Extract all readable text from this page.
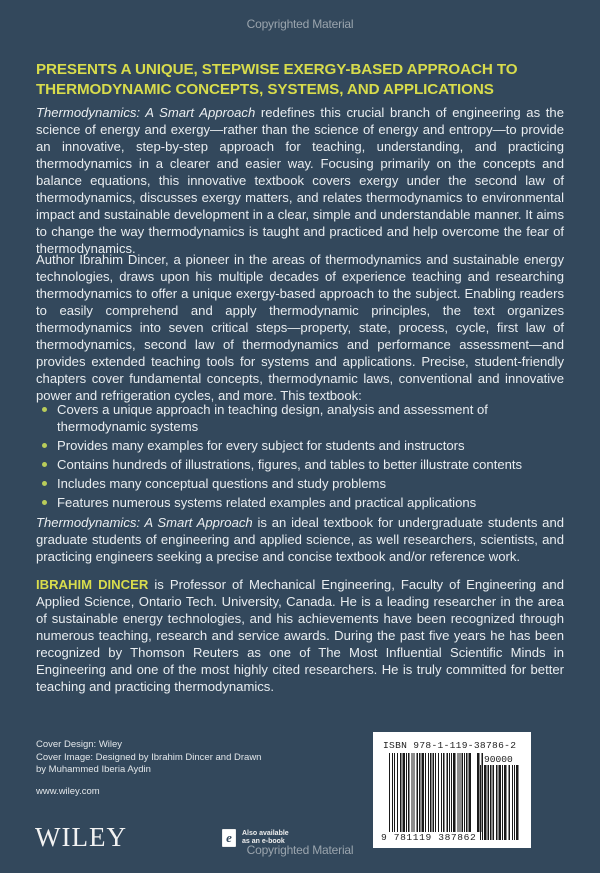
Copyrighted Material
PRESENTS A UNIQUE, STEPWISE EXERGY-BASED APPROACH TO THERMODYNAMIC CONCEPTS, SYSTEMS, AND APPLICATIONS

Thermodynamics: A Smart Approach redefines this crucial branch of engineering as the science of energy and exergy—rather than the science of energy and entropy—to provide an innovative, step-by-step approach for teaching, understanding, and practicing thermodynamics in a clearer and easier way. Focusing primarily on the concepts and balance equations, this innovative textbook covers exergy under the second law of thermodynamics, discusses exergy matters, and relates thermodynamics to environmental impact and sustainable development in a clear, simple and understandable manner. It aims to change the way thermodynamics is taught and practiced and help overcome the fear of thermodynamics.

Author Ibrahim Dincer, a pioneer in the areas of thermodynamics and sustainable energy technologies, draws upon his multiple decades of experience teaching and researching thermodynamics to offer a unique exergy-based approach to the subject. Enabling readers to easily comprehend and apply thermodynamic principles, the text organizes thermodynamics into seven critical steps—property, state, process, cycle, first law of thermodynamics, second law of thermodynamics and performance assessment—and provides extended teaching tools for systems and applications. Precise, student-friendly chapters cover fundamental concepts, thermodynamic laws, conventional and innovative power and refrigeration cycles, and more. This textbook:

Covers a unique approach in teaching design, analysis and assessment of thermodynamic systems
Provides many examples for every subject for students and instructors
Contains hundreds of illustrations, figures, and tables to better illustrate contents
Includes many conceptual questions and study problems
Features numerous systems related examples and practical applications

Thermodynamics: A Smart Approach is an ideal textbook for undergraduate students and graduate students of engineering and applied science, as well researchers, scientists, and practicing engineers seeking a precise and concise textbook and/or reference work.

IBRAHIM DINCER is Professor of Mechanical Engineering, Faculty of Engineering and Applied Science, Ontario Tech. University, Canada. He is a leading researcher in the area of sustainable energy technologies, and his achievements have been recognized through numerous teaching, research and service awards. During the past five years he has been recognized by Thomson Reuters as one of The Most Influential Scientific Minds in Engineering and one of the most highly cited researchers. He is truly committed for better teaching and practicing thermodynamics.

Cover Design: Wiley
Cover Image: Designed by Ibrahim Dincer and Drawn
by Muhammed Iberia Aydin
www.wiley.com
WILEY	e	Also available
as an e-book
ISBN 978-1-119-38786-2
90000
9 781119 387862
Copyrighted Material
